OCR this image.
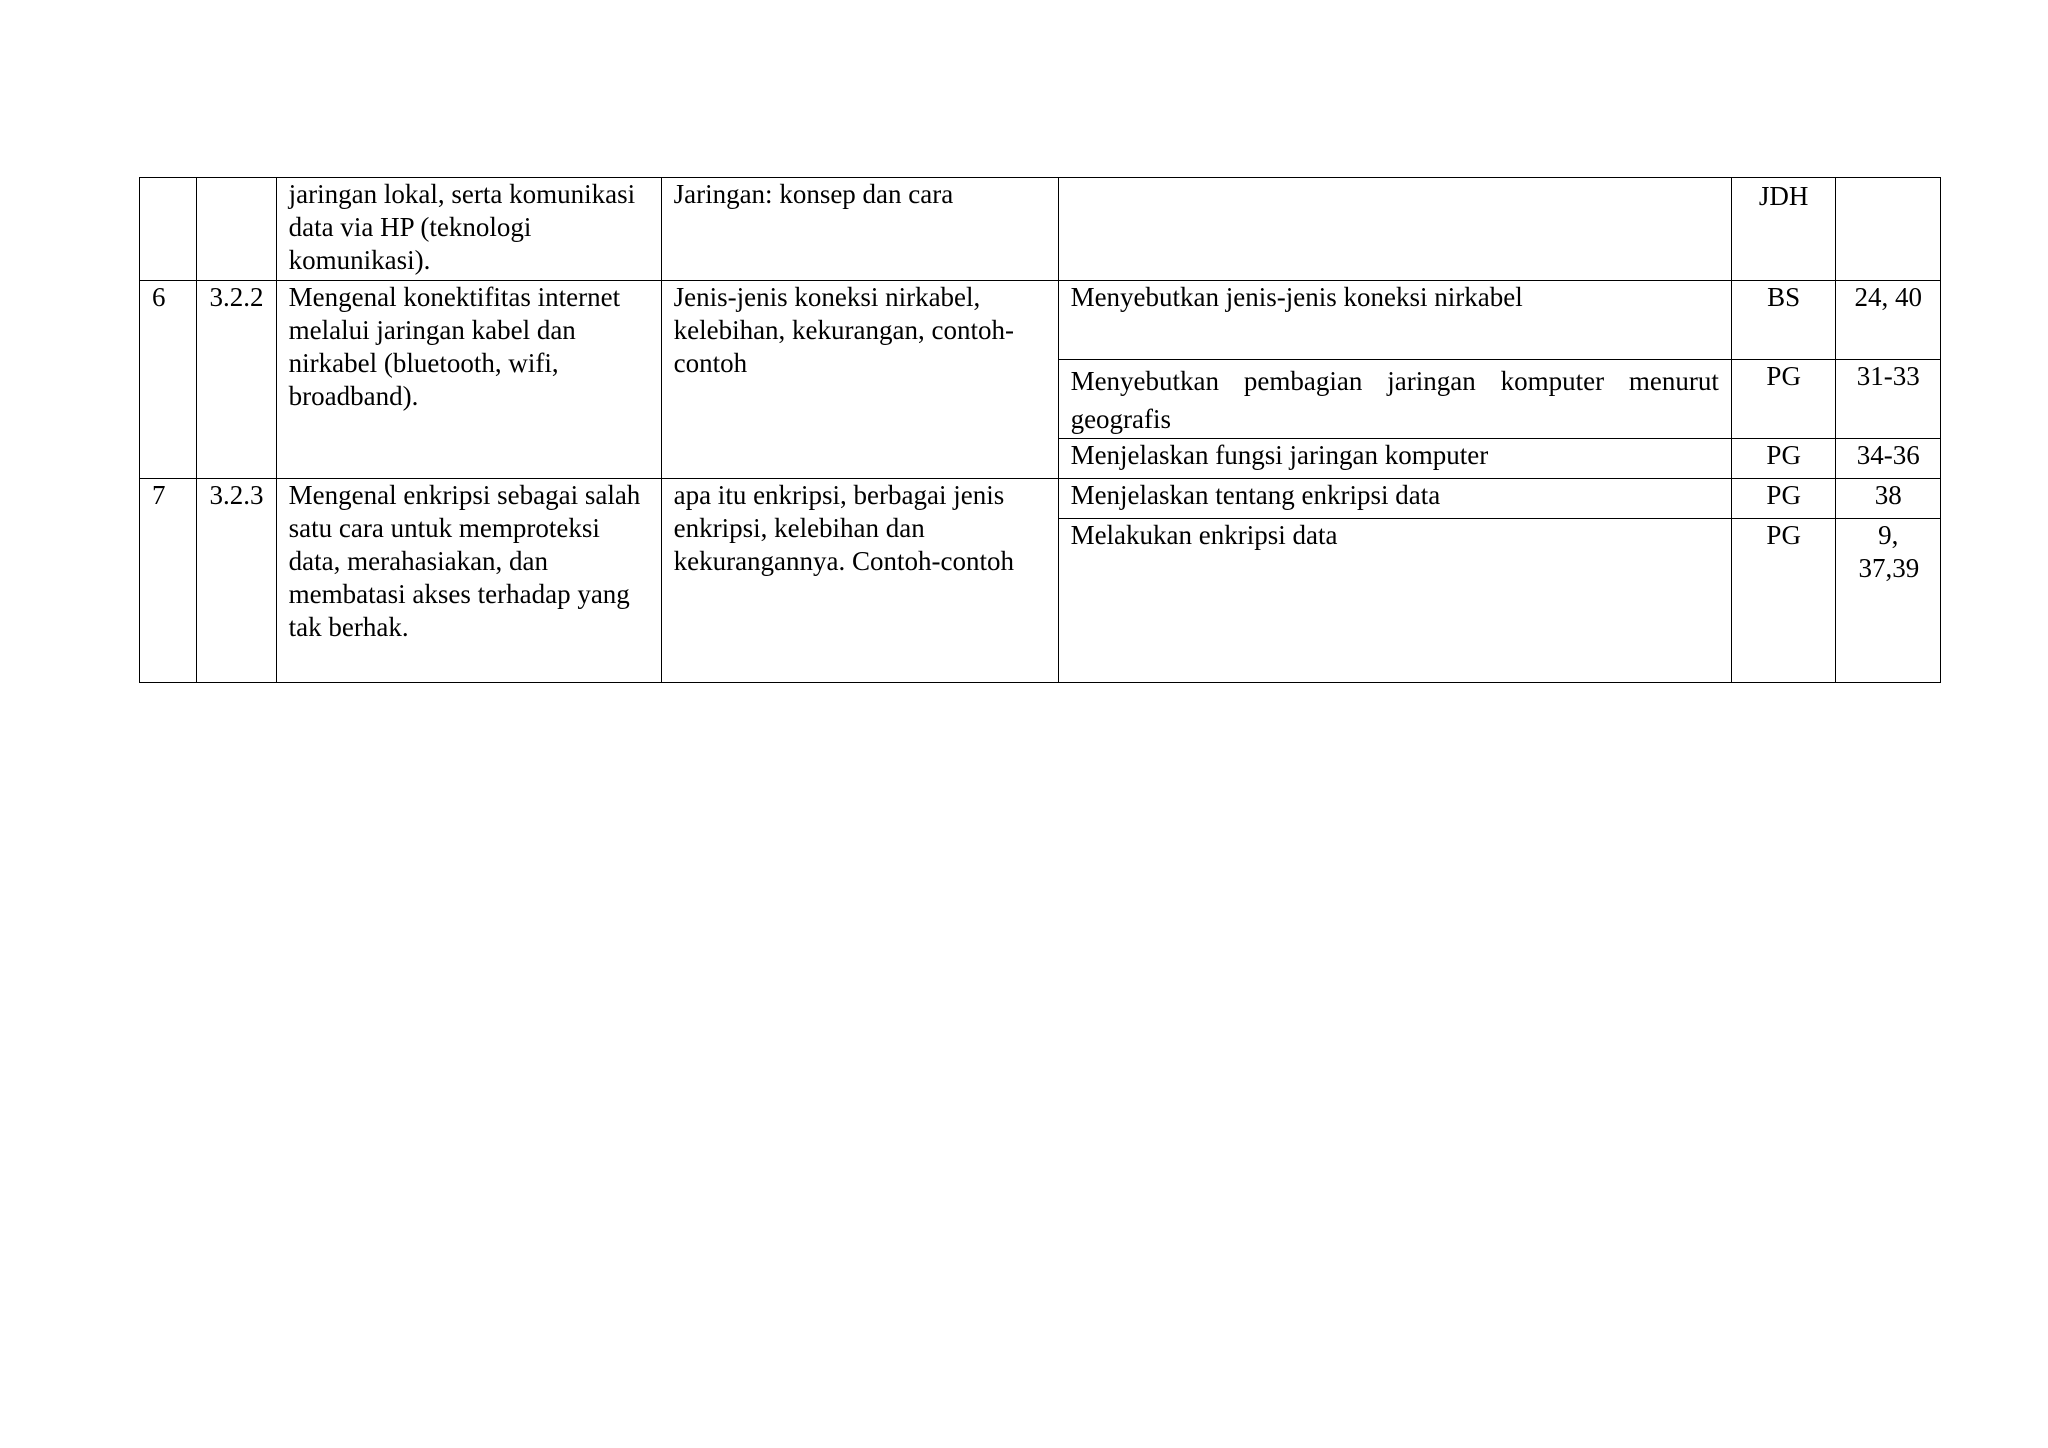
		jaringan lokal, serta komunikasi data via HP (teknologi komunikasi).	Jaringan: konsep dan cara		JDH	
6	3.2.2	Mengenal konektifitas internet melalui jaringan kabel dan nirkabel (bluetooth, wifi, broadband).	Jenis-jenis koneksi nirkabel, kelebihan, kekurangan, contoh-contoh	Menyebutkan jenis-jenis koneksi nirkabel	BS	24, 40
				Menyebutkan pembagian jaringan komputer menurut geografis	PG	31-33
				Menjelaskan fungsi jaringan komputer	PG	34-36
7	3.2.3	Mengenal enkripsi sebagai salah satu cara untuk memproteksi data, merahasiakan, dan membatasi akses terhadap yang tak berhak.	apa itu enkripsi, berbagai jenis enkripsi, kelebihan dan kekurangannya. Contoh-contoh	Menjelaskan tentang enkripsi data	PG	38
				Melakukan enkripsi data	PG	9, 37,39
